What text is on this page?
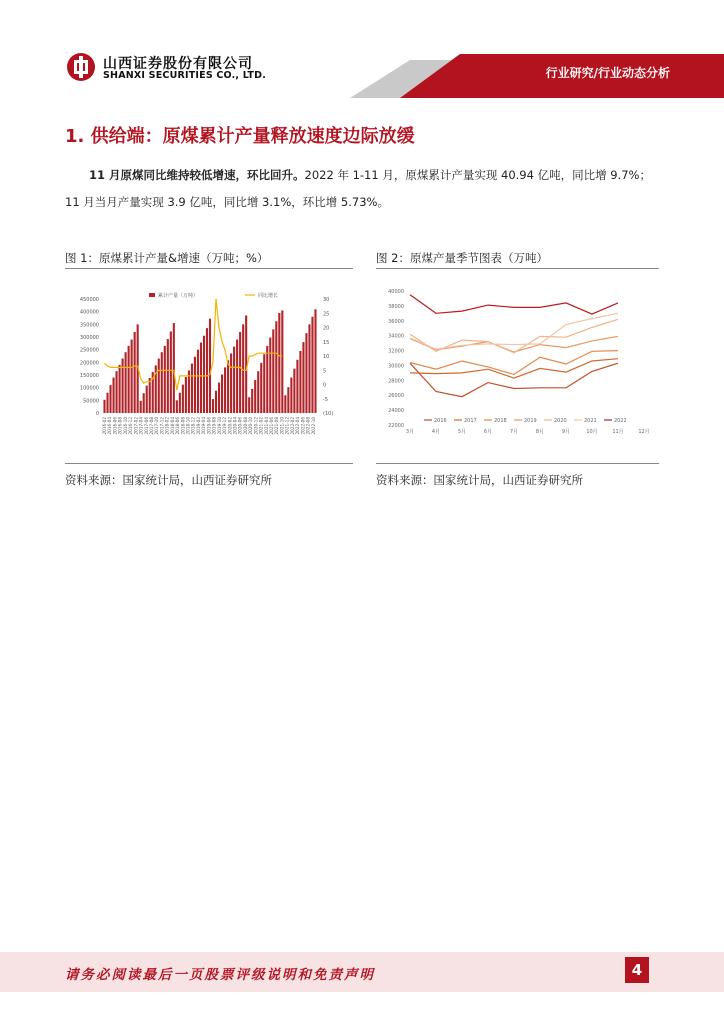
山西证券股份有限公司
SHANXI SECURITIES CO., LTD.	行业研究/行业动态分析
1. 供给端：原煤累计产量释放速度边际放缓
11 月原煤同比维持较低增速，环比回升。2022 年 1-11 月，原煤累计产量实现 40.94 亿吨，同比增 9.7%；
11 月当月产量实现 3.9 亿吨，同比增 3.1%，环比增 5.73%。
图 1：原煤累计产量&增速（万吨；%）
450000
400000
350000
300000
250000
200000
150000
100000
50000
0
30
25
20
15
10
5
0
-5
(10)
2016-02 2016-04 2016-06 2016-08 2016-10 2016-12 2017-02 2017-04 2017-06 2017-08 2017-10 2017-12 2018-02 2018-04 2018-06 2018-08 2018-10 2018-12 2019-02 2019-04 2019-06 2019-08 2019-10 2019-12 2020-02 2020-04 2020-06 2020-08 2020-10 2020-12 2021-02 2021-04 2021-06 2021-08 2021-10 2021-12 2022-02 2022-04 2022-06 2022-08 2022-10
累计产量（万吨）	同比增长
资料来源：国家统计局，山西证券研究所
图 2：原煤产量季节图表（万吨）
40000
38000
36000
34000
32000
30000
28000
26000
24000
22000
3月	4月	5月	6月	7月	8月	9月	10月	11月	12月
2016	2017	2018	2019	2020	2021	2022
资料来源：国家统计局，山西证券研究所
请务必阅读最后一页股票评级说明和免责声明	4
